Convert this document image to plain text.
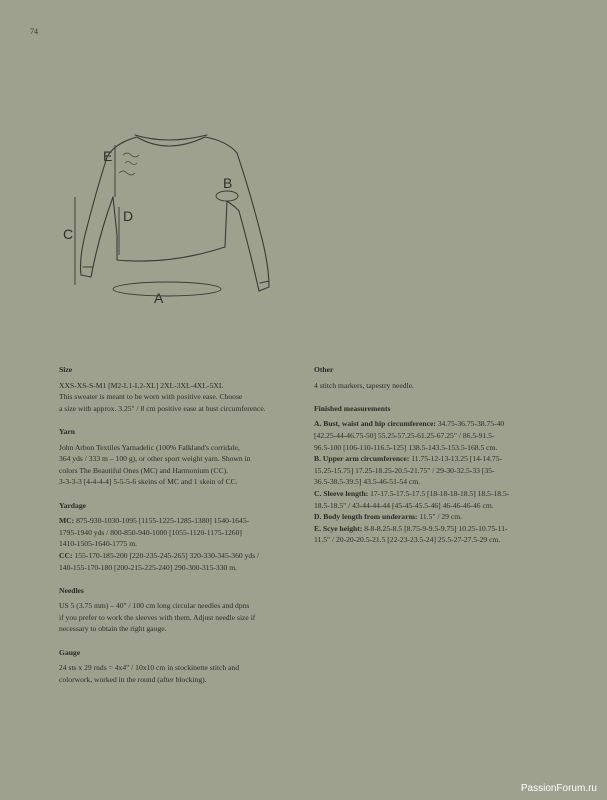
74
E
B
C
D
A
Size
XXS-XS-S-M1 [M2-L1-L2-XL] 2XL-3XL-4XL-5XL
This sweater is meant to be worn with positive ease. Choose
a size with approx. 3.25" / 8 cm positive ease at bust circumference.
Yarn
John Arbon Textiles Yarnadelic (100% Falkland's corridale,
364 yds / 333 m – 100 g), or other sport weight yarn. Shown in
colors The Beautiful Ones (MC) and Harmonium (CC).
3-3-3-3 [4-4-4-4] 5-5-5-6 skeins of MC and 1 skein of CC.
Yardage
MC: 875-930-1030-1095 [1155-1225-1285-1380] 1540-1645-
1795-1940 yds / 800-850-940-1000 [1055-1120-1175-1260]
1410-1505-1640-1775 m.
CC: 155-170-185-200 [220-235-245-265] 320-330-345-360 yds /
140-155-170-180 [200-215-225-240] 290-300-315-330 m.
Needles
US 5 (3.75 mm) – 40" / 100 cm long circular needles and dpns
if you prefer to work the sleeves with them. Adjust needle size if
necessary to obtain the right gauge.
Gauge
24 sts x 29 rnds = 4x4" / 10x10 cm in stockinette stitch and
colorwork, worked in the round (after blocking).
Other
4 stitch markers, tapestry needle.
Finished measurements
A. Bust, waist and hip circumference: 34.75-36.75-38.75-40
[42.25-44-46.75-50] 55.25-57.25-61.25-67.25" / 86.5-91.5-
96.5-100 [106-110-116.5-125] 138.5-143.5-153.5-168.5 cm.
B. Upper arm circumference: 11.75-12-13-13.25 [14-14.75-
15.25-15.75] 17.25-18.25-20.5-21.75" / 29-30-32.5-33 [35-
36.5-38.5-39.5] 43.5-46-51-54 cm.
C. Sleeve length: 17-17.5-17.5-17.5 [18-18-18-18.5] 18.5-18.5-
18.5-18.5" / 43-44-44-44 [45-45-45.5-46] 46-46-46-46 cm.
D. Body length from underarm: 11.5" / 29 cm.
E. Scye height: 8-8-8.25-8.5 [8.75-9-9.5-9.75] 10.25-10.75-11-
11.5" / 20-20-20.5-21.5 [22-23-23.5-24] 25.5-27-27.5-29 cm.
PassionForum.ru
